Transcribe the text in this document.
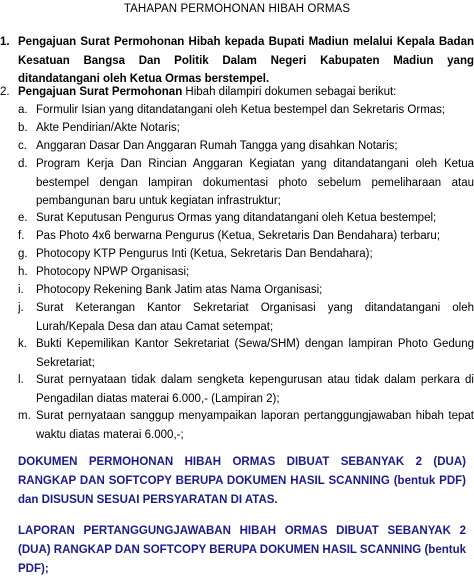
TAHAPAN PERMOHONAN HIBAH ORMAS
1. Pengajuan Surat Permohonan Hibah kepada Bupati Madiun melalui Kepala Badan Kesatuan Bangsa Dan Politik Dalam Negeri Kabupaten Madiun yang ditandatangani oleh Ketua Ormas berstempel.
2. Pengajuan Surat Permohonan Hibah dilampiri dokumen sebagai berikut:
a. Formulir Isian yang ditandatangani oleh Ketua bestempel dan Sekretaris Ormas;
b. Akte Pendirian/Akte Notaris;
c. Anggaran Dasar Dan Anggaran Rumah Tangga yang disahkan Notaris;
d. Program Kerja Dan Rincian Anggaran Kegiatan yang ditandatangani oleh Ketua bestempel dengan lampiran dokumentasi photo sebelum pemeliharaan atau pembangunan baru untuk kegiatan infrastruktur;
e. Surat Keputusan Pengurus Ormas yang ditandatangani oleh Ketua bestempel;
f. Pas Photo 4x6 berwarna Pengurus (Ketua, Sekretaris Dan Bendahara) terbaru;
g. Photocopy KTP Pengurus Inti (Ketua, Sekretaris Dan Bendahara);
h. Photocopy NPWP Organisasi;
i. Photocopy Rekening Bank Jatim atas Nama Organisasi;
j. Surat Keterangan Kantor Sekretariat Organisasi yang ditandatangani oleh Lurah/Kepala Desa dan atau Camat setempat;
k. Bukti Kepemilikan Kantor Sekretariat (Sewa/SHM) dengan lampiran Photo Gedung Sekretariat;
l. Surat pernyataan tidak dalam sengketa kepengurusan atau tidak dalam perkara di Pengadilan diatas materai 6.000,- (Lampiran 2);
m. Surat pernyataan sanggup menyampaikan laporan pertanggungjawaban hibah tepat waktu diatas materai 6.000,-;
DOKUMEN PERMOHONAN HIBAH ORMAS DIBUAT SEBANYAK 2 (DUA) RANGKAP DAN SOFTCOPY BERUPA DOKUMEN HASIL SCANNING (bentuk PDF) dan DISUSUN SESUAI PERSYARATAN DI ATAS.
LAPORAN PERTANGGUNGJAWABAN HIBAH ORMAS DIBUAT SEBANYAK 2 (DUA) RANGKAP DAN SOFTCOPY BERUPA DOKUMEN HASIL SCANNING (bentuk PDF);
